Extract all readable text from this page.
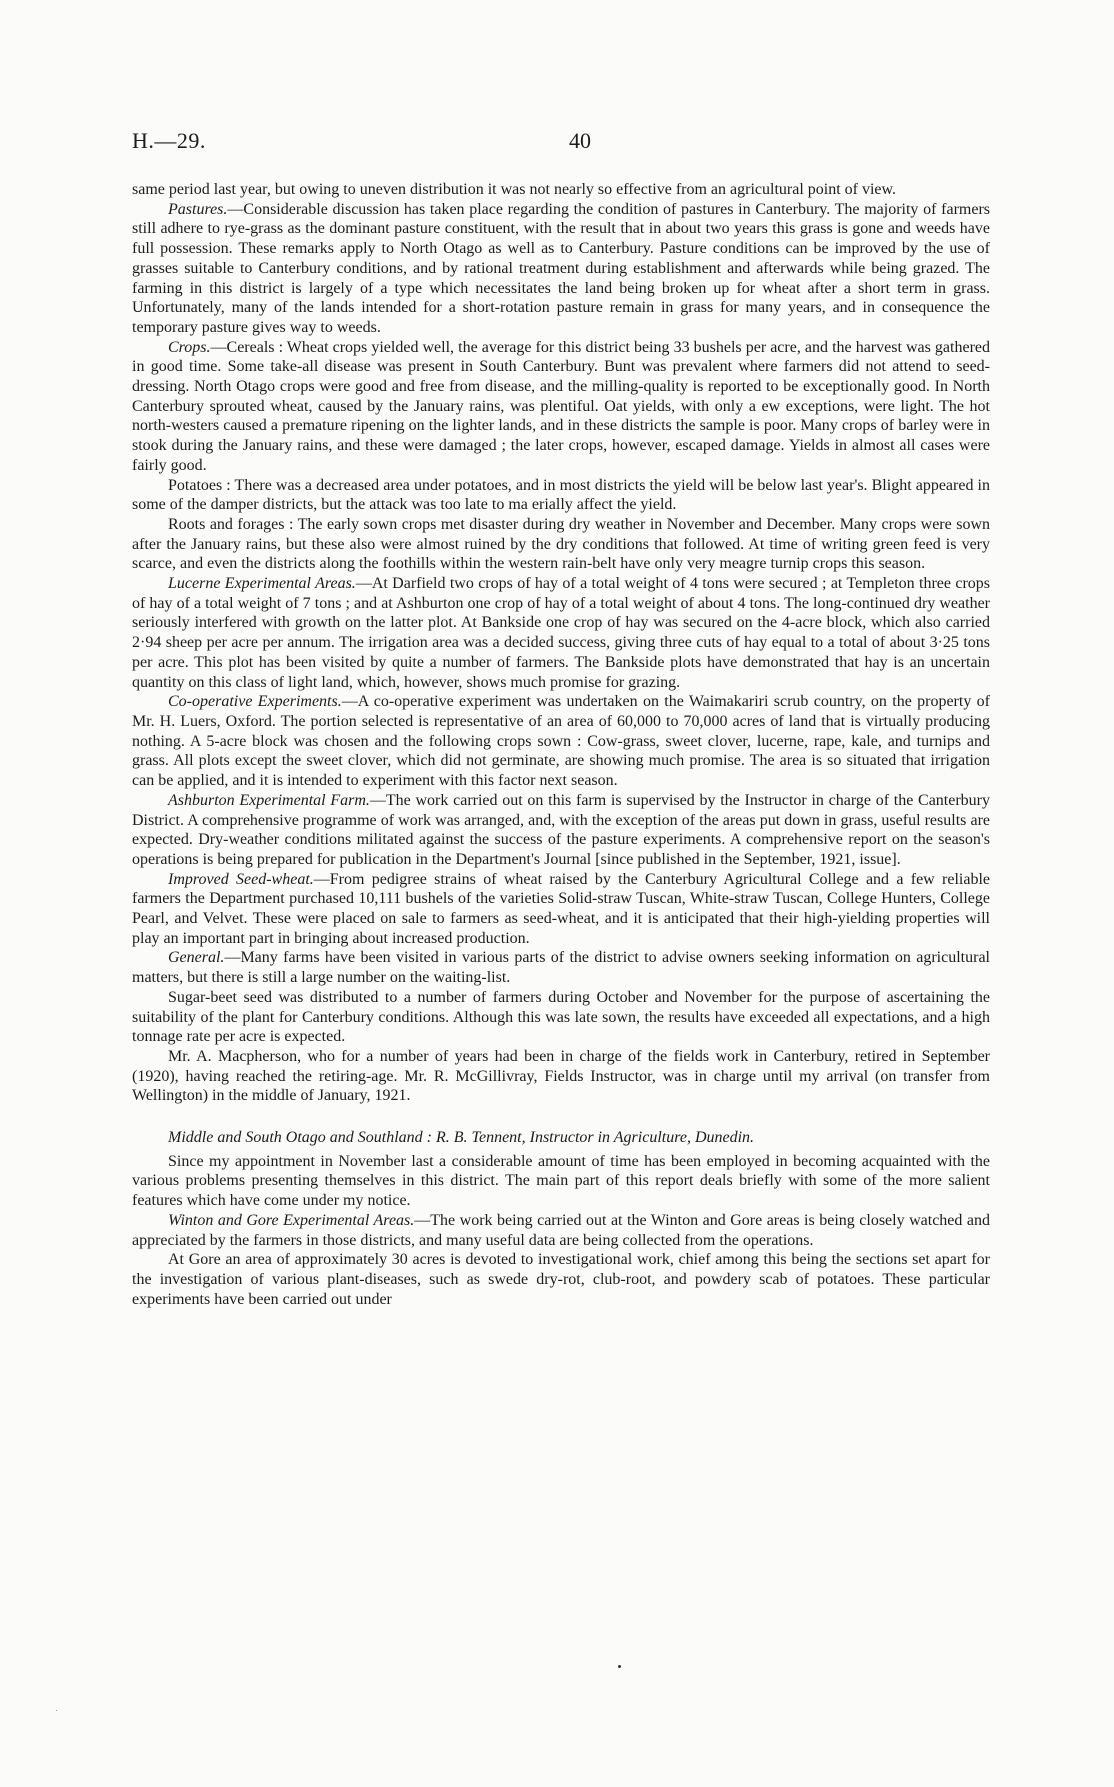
H.—29.	40

same period last year, but owing to uneven distribution it was not nearly so effective from an agricultural point of view.

Pastures.—Considerable discussion has taken place regarding the condition of pastures in Canterbury. The majority of farmers still adhere to rye-grass as the dominant pasture constituent, with the result that in about two years this grass is gone and weeds have full possession. These remarks apply to North Otago as well as to Canterbury. Pasture conditions can be improved by the use of grasses suitable to Canterbury conditions, and by rational treatment during establishment and afterwards while being grazed. The farming in this district is largely of a type which necessitates the land being broken up for wheat after a short term in grass. Unfortunately, many of the lands intended for a short-rotation pasture remain in grass for many years, and in consequence the temporary pasture gives way to weeds.

Crops.—Cereals : Wheat crops yielded well, the average for this district being 33 bushels per acre, and the harvest was gathered in good time. Some take-all disease was present in South Canterbury. Bunt was prevalent where farmers did not attend to seed-dressing. North Otago crops were good and free from disease, and the milling-quality is reported to be exceptionally good. In North Canterbury sprouted wheat, caused by the January rains, was plentiful. Oat yields, with only a ew exceptions, were light. The hot north-westers caused a premature ripening on the lighter lands, and in these districts the sample is poor. Many crops of barley were in stook during the January rains, and these were damaged ; the later crops, however, escaped damage. Yields in almost all cases were fairly good.

Potatoes : There was a decreased area under potatoes, and in most districts the yield will be below last year's. Blight appeared in some of the damper districts, but the attack was too late to ma erially affect the yield.

Roots and forages : The early sown crops met disaster during dry weather in November and December. Many crops were sown after the January rains, but these also were almost ruined by the dry conditions that followed. At time of writing green feed is very scarce, and even the districts along the foothills within the western rain-belt have only very meagre turnip crops this season.

Lucerne Experimental Areas.—At Darfield two crops of hay of a total weight of 4 tons were secured ; at Templeton three crops of hay of a total weight of 7 tons ; and at Ashburton one crop of hay of a total weight of about 4 tons. The long-continued dry weather seriously interfered with growth on the latter plot. At Bankside one crop of hay was secured on the 4-acre block, which also carried 2·94 sheep per acre per annum. The irrigation area was a decided success, giving three cuts of hay equal to a total of about 3·25 tons per acre. This plot has been visited by quite a number of farmers. The Bankside plots have demonstrated that hay is an uncertain quantity on this class of light land, which, however, shows much promise for grazing.

Co-operative Experiments.—A co-operative experiment was undertaken on the Waimakariri scrub country, on the property of Mr. H. Luers, Oxford. The portion selected is representative of an area of 60,000 to 70,000 acres of land that is virtually producing nothing. A 5-acre block was chosen and the following crops sown : Cow-grass, sweet clover, lucerne, rape, kale, and turnips and grass. All plots except the sweet clover, which did not germinate, are showing much promise. The area is so situated that irrigation can be applied, and it is intended to experiment with this factor next season.

Ashburton Experimental Farm.—The work carried out on this farm is supervised by the Instructor in charge of the Canterbury District. A comprehensive programme of work was arranged, and, with the exception of the areas put down in grass, useful results are expected. Dry-weather conditions militated against the success of the pasture experiments. A comprehensive report on the season's operations is being prepared for publication in the Department's Journal [since published in the September, 1921, issue].

Improved Seed-wheat.—From pedigree strains of wheat raised by the Canterbury Agricultural College and a few reliable farmers the Department purchased 10,111 bushels of the varieties Solid-straw Tuscan, White-straw Tuscan, College Hunters, College Pearl, and Velvet. These were placed on sale to farmers as seed-wheat, and it is anticipated that their high-yielding properties will play an important part in bringing about increased production.

General.—Many farms have been visited in various parts of the district to advise owners seeking information on agricultural matters, but there is still a large number on the waiting-list.

Sugar-beet seed was distributed to a number of farmers during October and November for the purpose of ascertaining the suitability of the plant for Canterbury conditions. Although this was late sown, the results have exceeded all expectations, and a high tonnage rate per acre is expected.

Mr. A. Macpherson, who for a number of years had been in charge of the fields work in Canterbury, retired in September (1920), having reached the retiring-age. Mr. R. McGillivray, Fields Instructor, was in charge until my arrival (on transfer from Wellington) in the middle of January, 1921.

Middle and South Otago and Southland : R. B. Tennent, Instructor in Agriculture, Dunedin.

Since my appointment in November last a considerable amount of time has been employed in becoming acquainted with the various problems presenting themselves in this district. The main part of this report deals briefly with some of the more salient features which have come under my notice.

Winton and Gore Experimental Areas.—The work being carried out at the Winton and Gore areas is being closely watched and appreciated by the farmers in those districts, and many useful data are being collected from the operations.

At Gore an area of approximately 30 acres is devoted to investigational work, chief among this being the sections set apart for the investigation of various plant-diseases, such as swede dry-rot, club-root, and powdery scab of potatoes. These particular experiments have been carried out under
